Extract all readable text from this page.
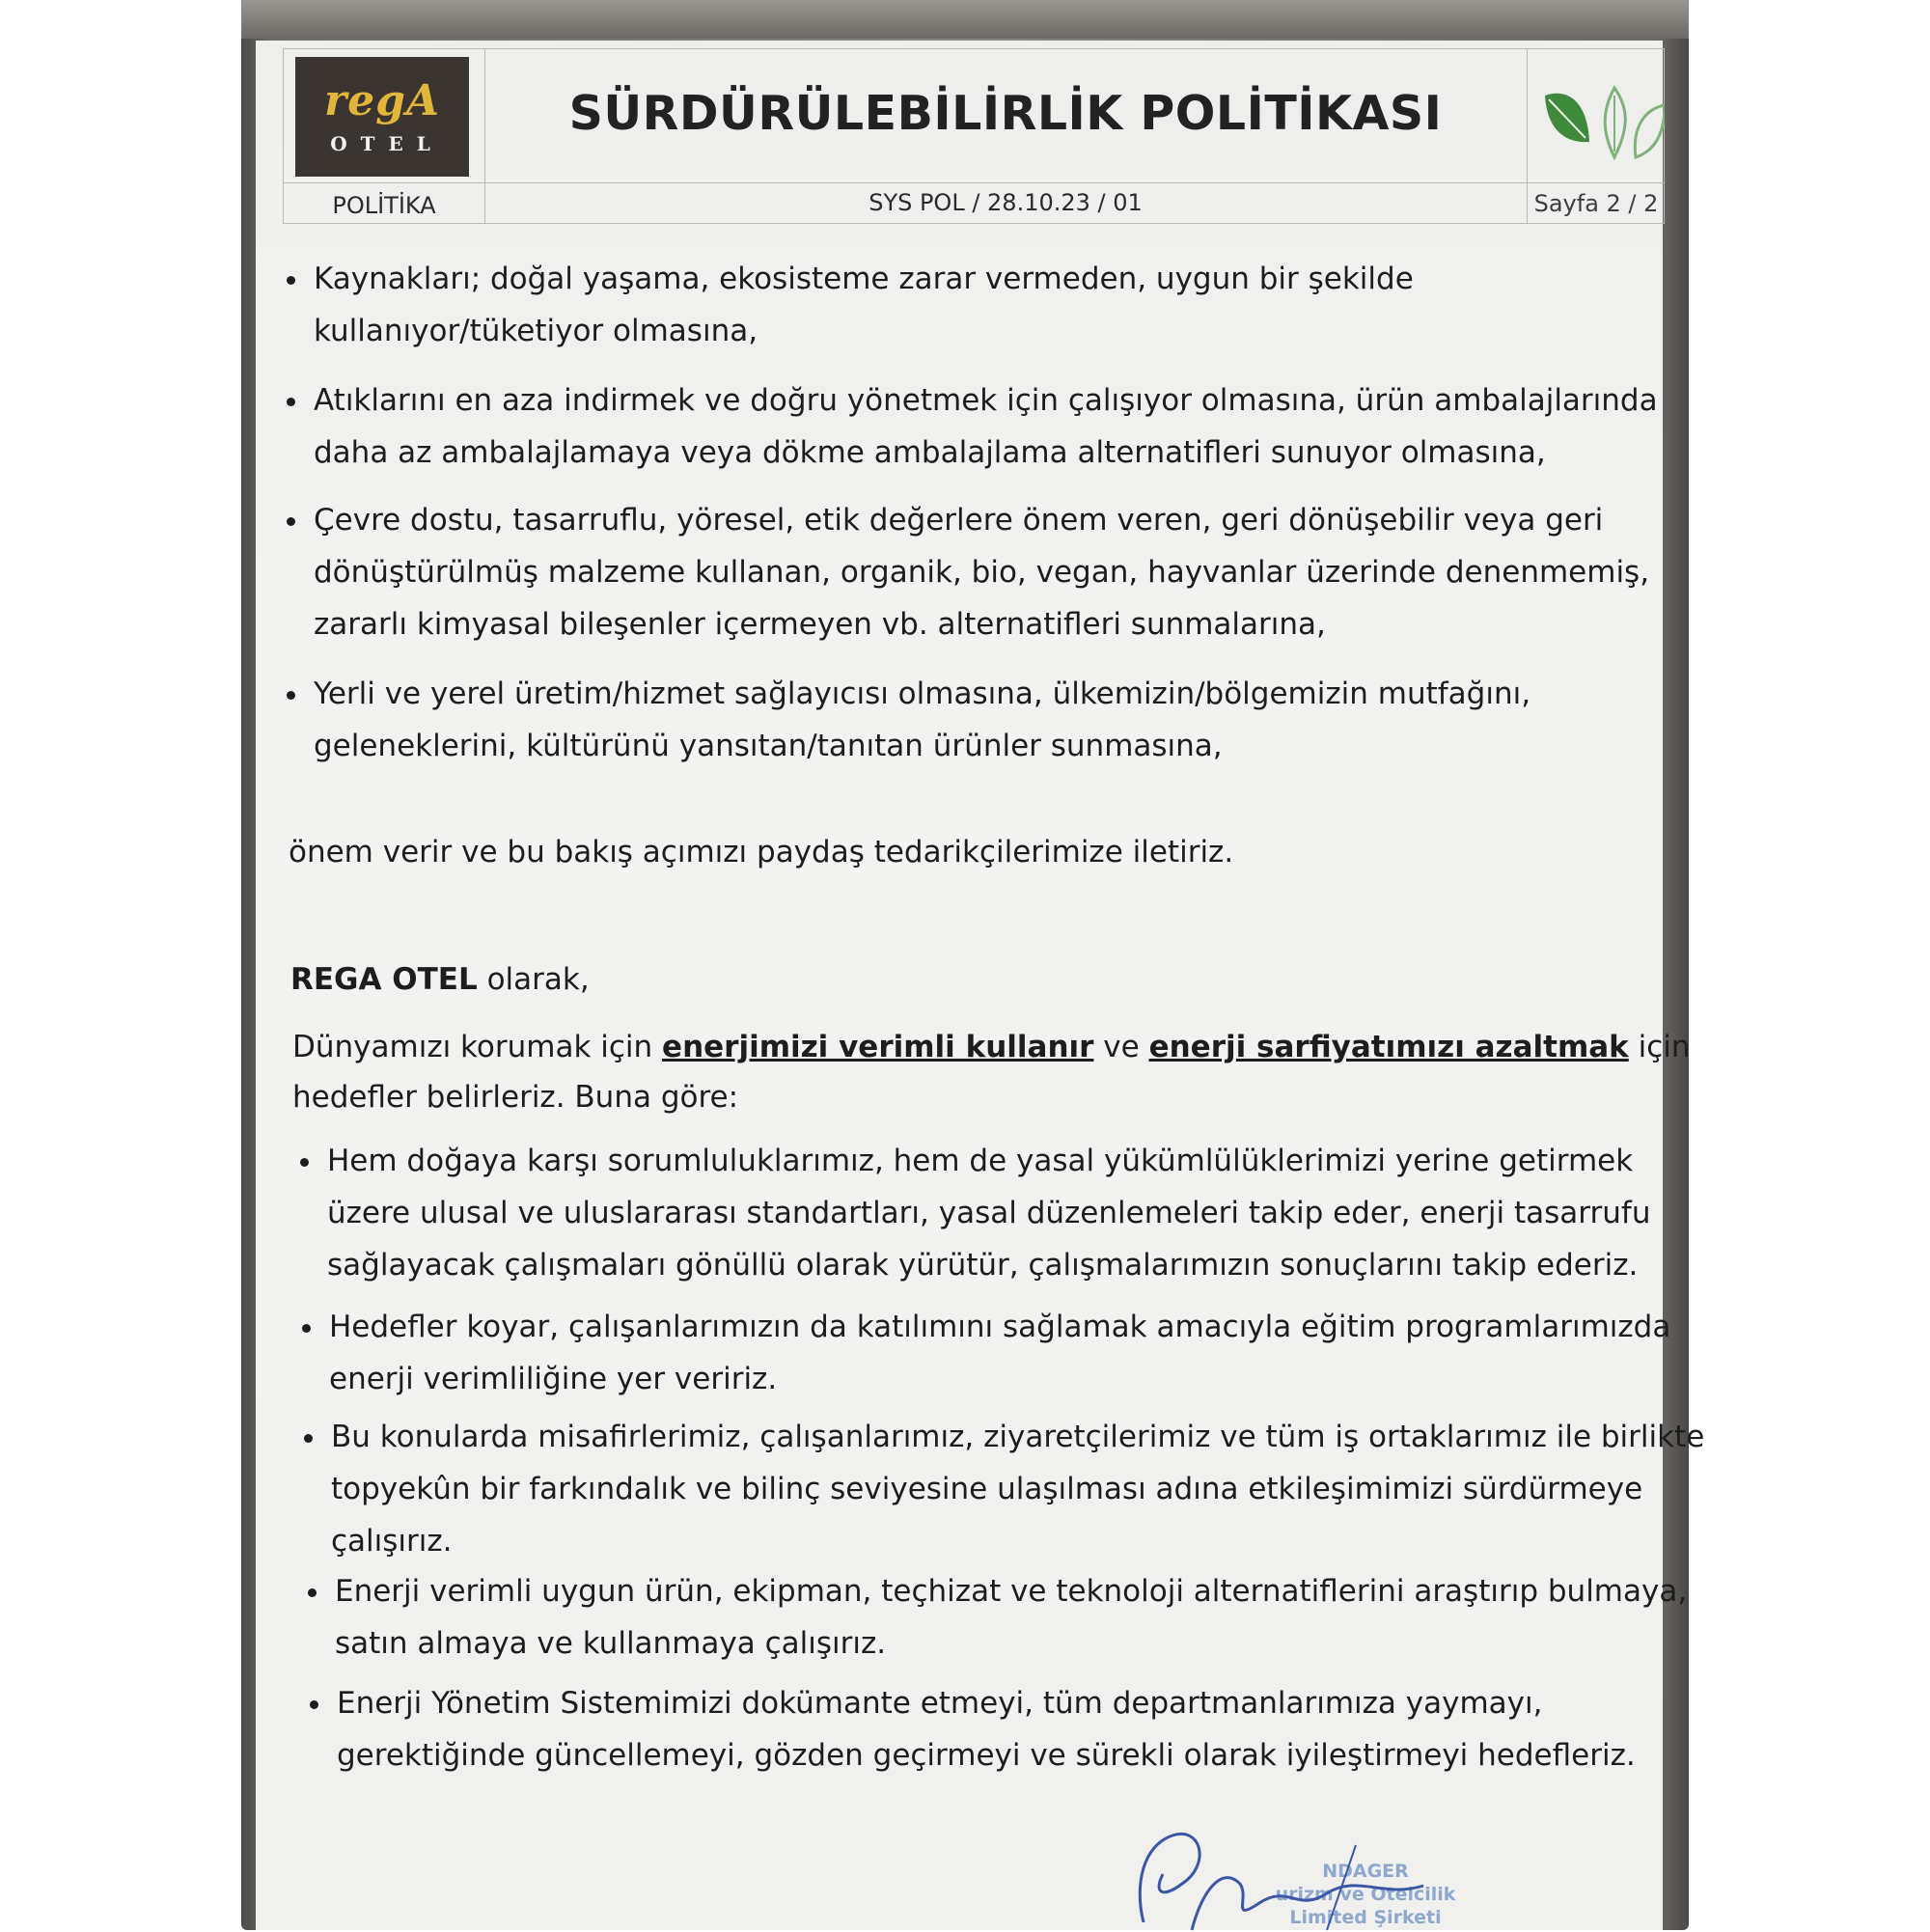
regA
OTEL
SÜRDÜRÜLEBİLİRLİK POLİTİKASI
POLİTİKA	SYS POL / 28.10.23 / 01	Sayfa 2 / 2
Kaynakları; doğal yaşama, ekosisteme zarar vermeden, uygun bir şekilde
kullanıyor/tüketiyor olmasına,
Atıklarını en aza indirmek ve doğru yönetmek için çalışıyor olmasına, ürün ambalajlarında
daha az ambalajlamaya veya dökme ambalajlama alternatifleri sunuyor olmasına,
Çevre dostu, tasarruflu, yöresel, etik değerlere önem veren, geri dönüşebilir veya geri
dönüştürülmüş malzeme kullanan, organik, bio, vegan, hayvanlar üzerinde denenmemiş,
zararlı kimyasal bileşenler içermeyen vb. alternatifleri sunmalarına,
Yerli ve yerel üretim/hizmet sağlayıcısı olmasına, ülkemizin/bölgemizin mutfağını,
geleneklerini, kültürünü yansıtan/tanıtan ürünler sunmasına,
önem verir ve bu bakış açımızı paydaş tedarikçilerimize iletiriz.
REGA OTEL olarak,
Dünyamızı korumak için enerjimizi verimli kullanır ve enerji sarfiyatımızı azaltmak için
hedefler belirleriz. Buna göre:
Hem doğaya karşı sorumluluklarımız, hem de yasal yükümlülüklerimizi yerine getirmek
üzere ulusal ve uluslararası standartları, yasal düzenlemeleri takip eder, enerji tasarrufu
sağlayacak çalışmaları gönüllü olarak yürütür, çalışmalarımızın sonuçlarını takip ederiz.
Hedefler koyar, çalışanlarımızın da katılımını sağlamak amacıyla eğitim programlarımızda
enerji verimliliğine yer veririz.
Bu konularda misafirlerimiz, çalışanlarımız, ziyaretçilerimiz ve tüm iş ortaklarımız ile birlikte
topyekûn bir farkındalık ve bilinç seviyesine ulaşılması adına etkileşimimizi sürdürmeye
çalışırız.
Enerji verimli uygun ürün, ekipman, teçhizat ve teknoloji alternatiflerini araştırıp bulmaya,
satın almaya ve kullanmaya çalışırız.
Enerji Yönetim Sistemimizi dokümante etmeyi, tüm departmanlarımıza yaymayı,
gerektiğinde güncellemeyi, gözden geçirmeyi ve sürekli olarak iyileştirmeyi hedefleriz.
NDAGER
urizm ve Otelcilik
Limited Şirketi
